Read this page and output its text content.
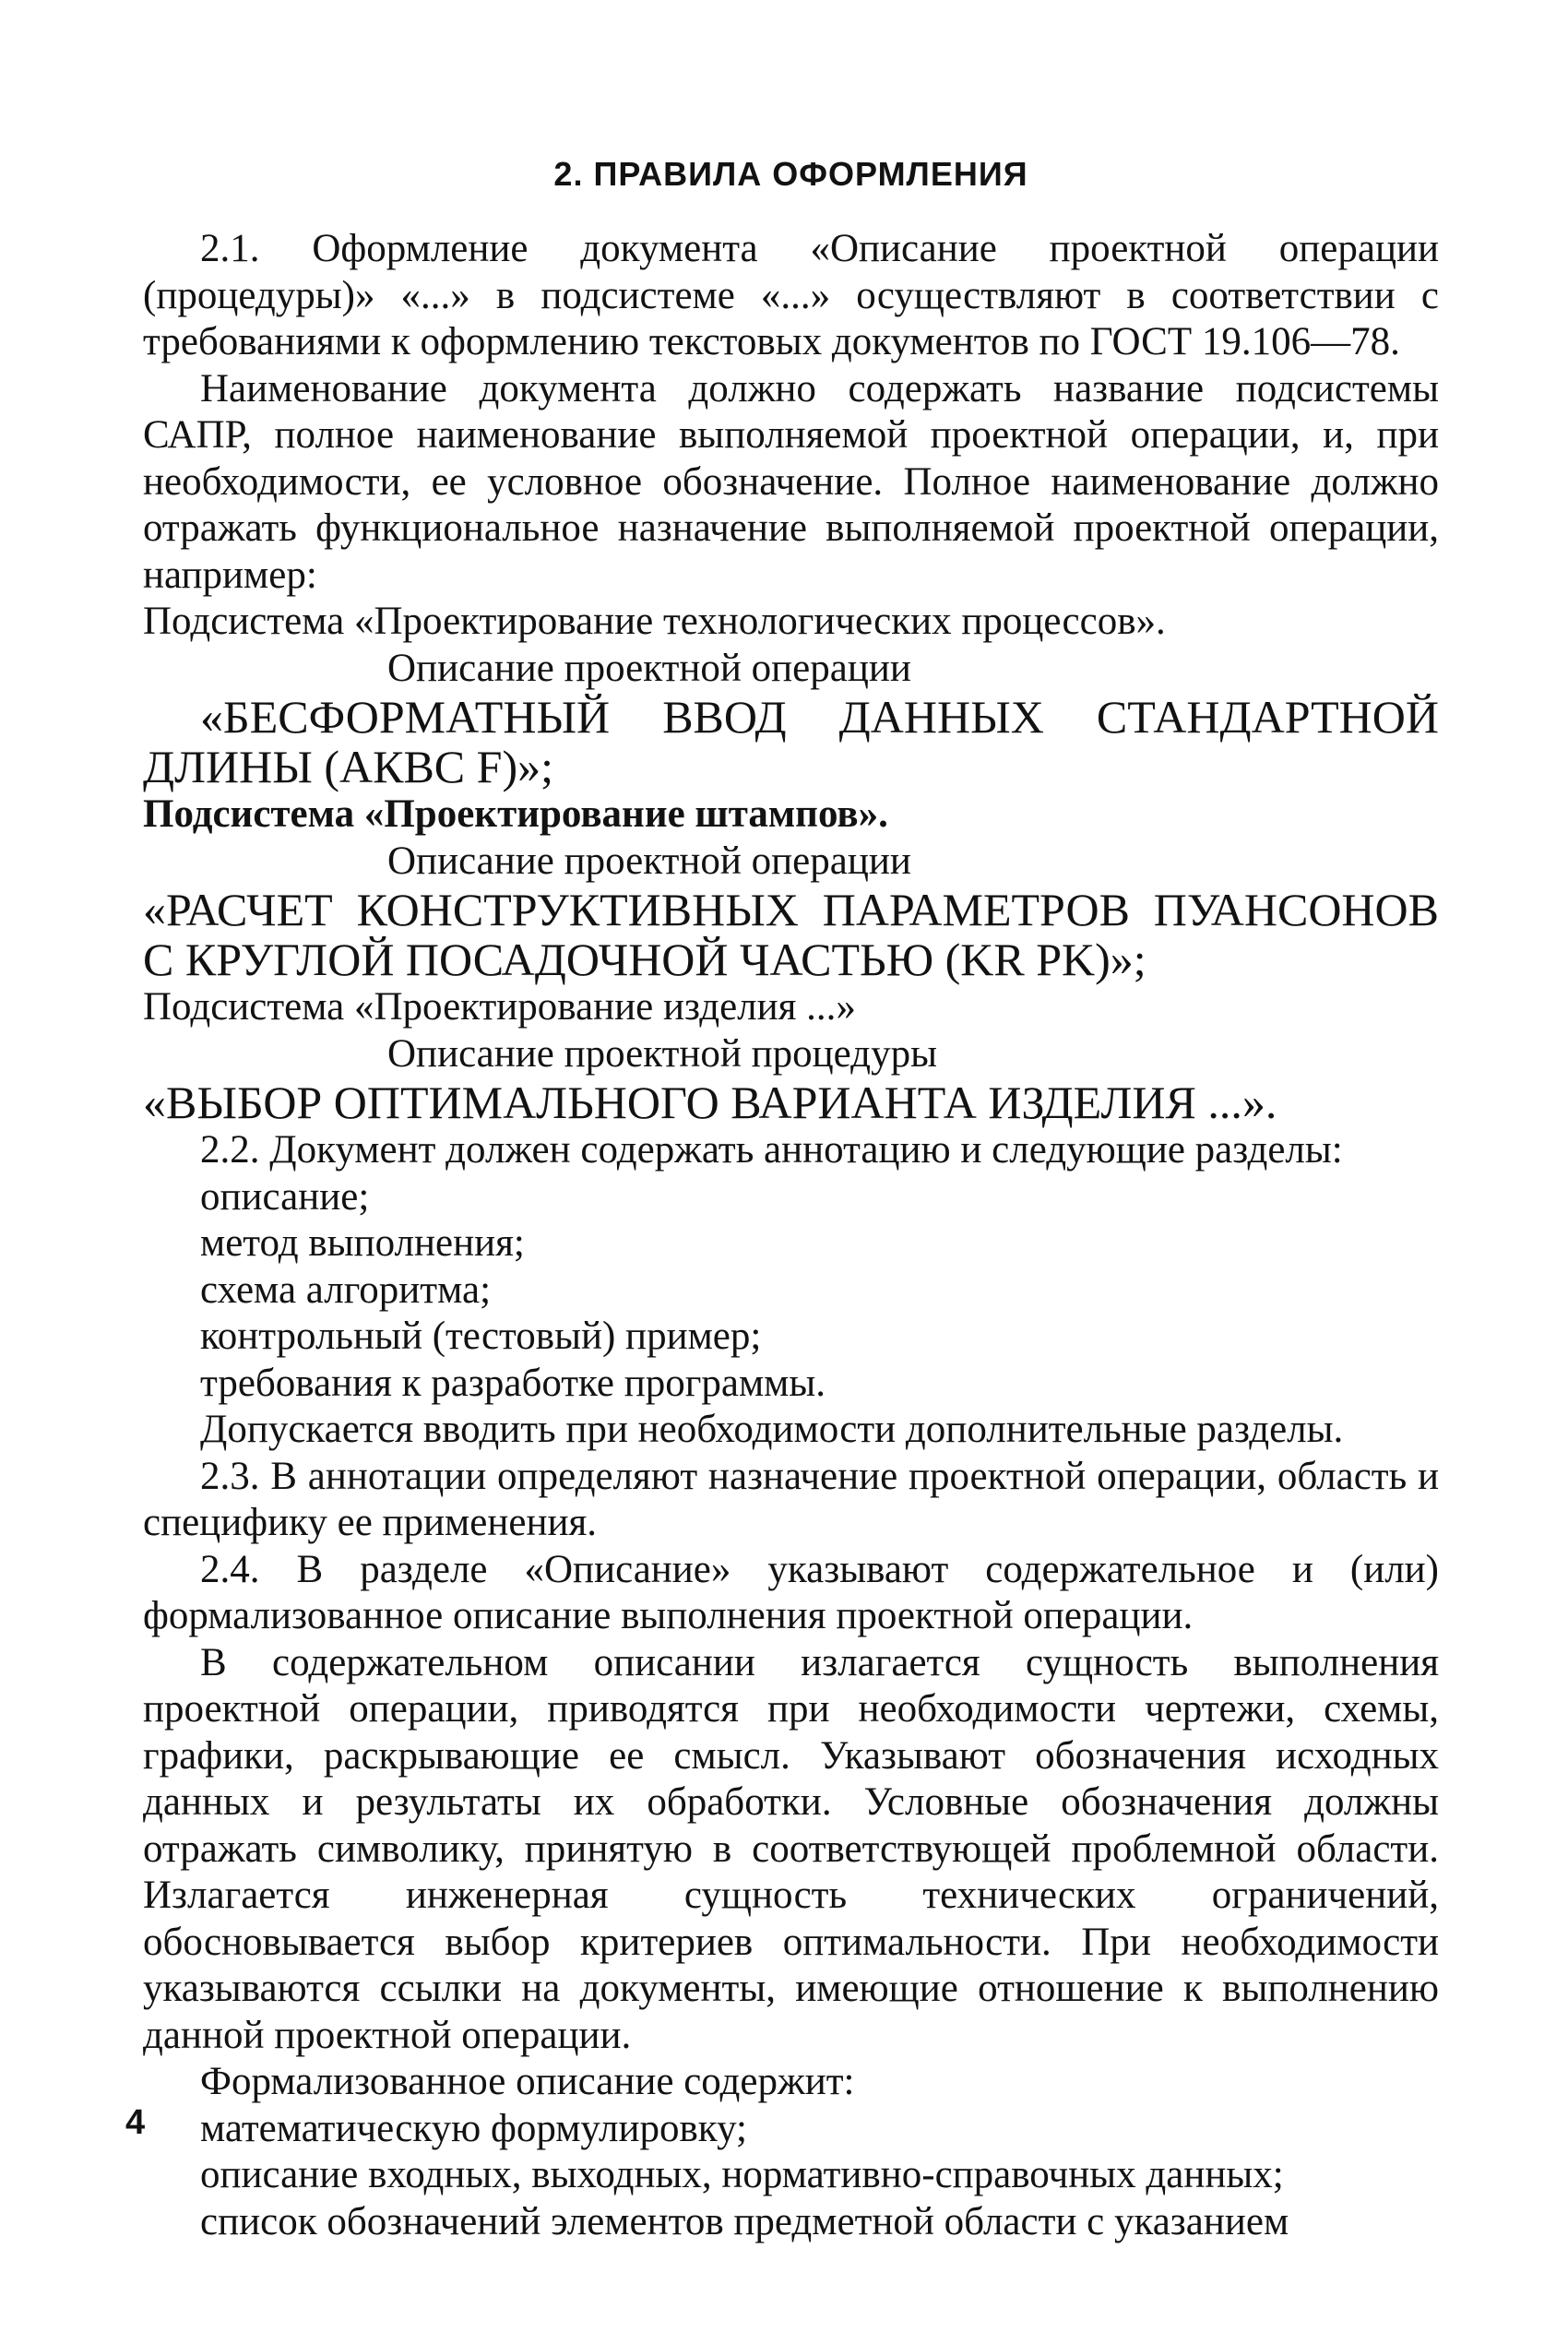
2. ПРАВИЛА ОФОРМЛЕНИЯ

2.1. Оформление документа «Описание проектной операции (процедуры)» «...» в подсистеме «...» осуществляют в соответствии с требованиями к оформлению текстовых документов по ГОСТ 19.106—78.

Наименование документа должно содержать название подсистемы САПР, полное наименование выполняемой проектной операции, и, при необходимости, ее условное обозначение. Полное наименование должно отражать функциональное назначение выполняемой проектной операции, например:

Подсистема «Проектирование технологических процессов».

Описание проектной операции

«БЕСФОРМАТНЫЙ ВВОД ДАННЫХ СТАНДАРТНОЙ ДЛИНЫ (АКВС F)»;

Подсистема «Проектирование штампов».

Описание проектной операции

«РАСЧЕТ КОНСТРУКТИВНЫХ ПАРАМЕТРОВ ПУАНСОНОВ С КРУГЛОЙ ПОСАДОЧНОЙ ЧАСТЬЮ (KR PK)»;

Подсистема «Проектирование изделия ...»

Описание проектной процедуры

«ВЫБОР ОПТИМАЛЬНОГО ВАРИАНТА ИЗДЕЛИЯ ...».

2.2. Документ должен содержать аннотацию и следующие разделы:

описание;

метод выполнения;

схема алгоритма;

контрольный (тестовый) пример;

требования к разработке программы.

Допускается вводить при необходимости дополнительные разделы.

2.3. В аннотации определяют назначение проектной операции, область и специфику ее применения.

2.4. В разделе «Описание» указывают содержательное и (или) формализованное описание выполнения проектной операции.

В содержательном описании излагается сущность выполнения проектной операции, приводятся при необходимости чертежи, схемы, графики, раскрывающие ее смысл. Указывают обозначения исходных данных и результаты их обработки. Условные обозначения должны отражать символику, принятую в соответствующей проблемной области. Излагается инженерная сущность технических ограничений, обосновывается выбор критериев оптимальности. При необходимости указываются ссылки на документы, имеющие отношение к выполнению данной проектной операции.

Формализованное описание содержит:

математическую формулировку;

описание входных, выходных, нормативно-справочных данных;

список обозначений элементов предметной области с указанием

4
